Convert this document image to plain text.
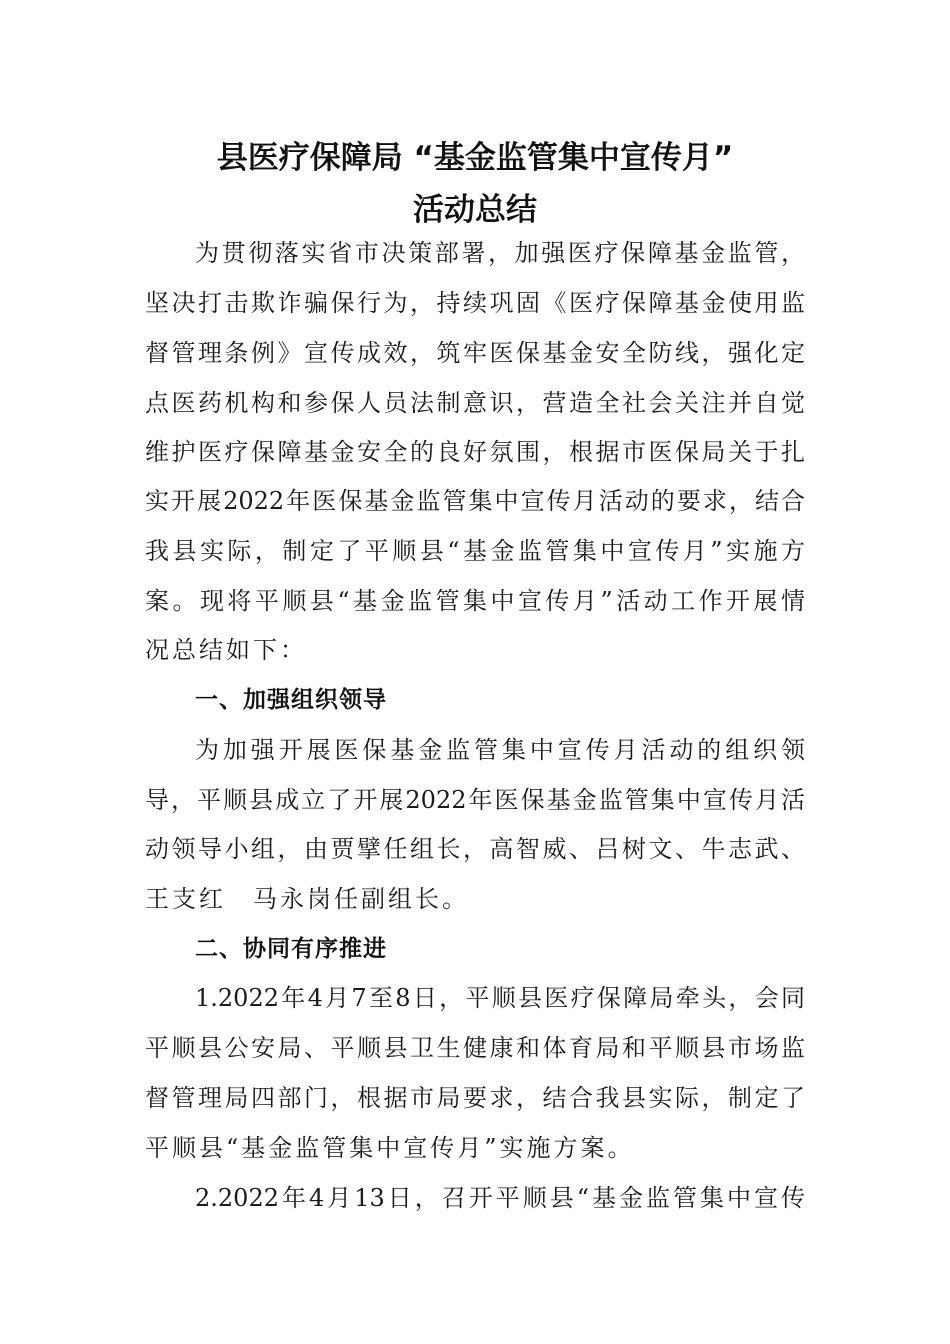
县医疗保障局 “基金监管集中宣传月”
活动总结
为贯彻落实省市决策部署，加强医疗保障基金监管，
坚决打击欺诈骗保行为，持续巩固《医疗保障基金使用监
督管理条例》宣传成效，筑牢医保基金安全防线，强化定
点医药机构和参保人员法制意识，营造全社会关注并自觉
维护医疗保障基金安全的良好氛围，根据市医保局关于扎
实开展2022年医保基金监管集中宣传月活动的要求，结合
我县实际，制定了平顺县“基金监管集中宣传月”实施方
案。现将平顺县“基金监管集中宣传月”活动工作开展情
况总结如下：
一、加强组织领导
为加强开展医保基金监管集中宣传月活动的组织领
导，平顺县成立了开展2022年医保基金监管集中宣传月活
动领导小组，由贾擘任组长，高智威、吕树文、牛志武、
王支红　马永岗任副组长。
二、协同有序推进
1.2022年4月7至8日，平顺县医疗保障局牵头，会同
平顺县公安局、平顺县卫生健康和体育局和平顺县市场监
督管理局四部门，根据市局要求，结合我县实际，制定了
平顺县“基金监管集中宣传月”实施方案。
2.2022年4月13日，召开平顺县“基金监管集中宣传
